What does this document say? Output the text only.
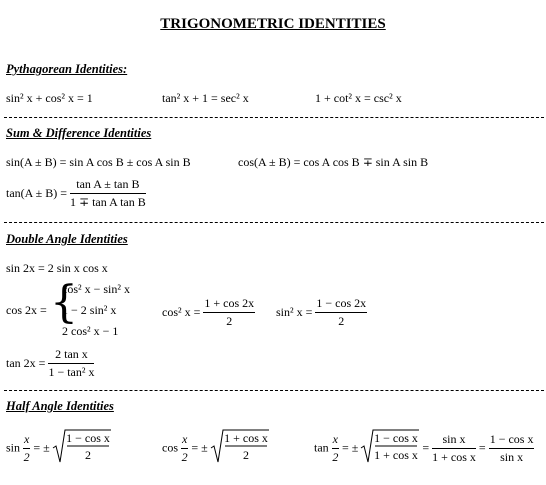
TRIGONOMETRIC IDENTITIES
Pythagorean Identities:
sin² x + cos² x = 1	tan² x + 1 = sec² x	1 + cot² x = csc² x
Sum & Difference Identities
sin(A ± B) = sin A cos B ± cos A sin B	cos(A ± B) = cos A cos B ∓ sin A sin B
$\tan(A \pm B) = \frac{\text{tan A ± tan B}}{\text{1 ∓ tan A tan B}}$
Double Angle Identities
sin 2x = 2 sin x cos x
cos 2x = {
cos² x − sin² x
1 − 2 sin² x
2 cos² x − 1
cos² $x = \frac{1 + \cos 2x}{2} \sin^2$ $x = \frac{1 - \cos 2x}{2}$
$\tan 2x = \frac{\text{2 tan x}}{\text{1 − tan² x}}$
Half Angle Identities
$\sin \frac{x}{2}$ = ±
1 − cos x
2
$\cos \frac{x}{2}$ = ±
1 + cos x
2
$\tan \frac{x}{2}$ = ±
1 − cos x
1 + cos x
= $\frac{\text{sin x}}{\text{1 + cos x}} = \frac{\text{1 − cos x}}{\text{sin x}}$
